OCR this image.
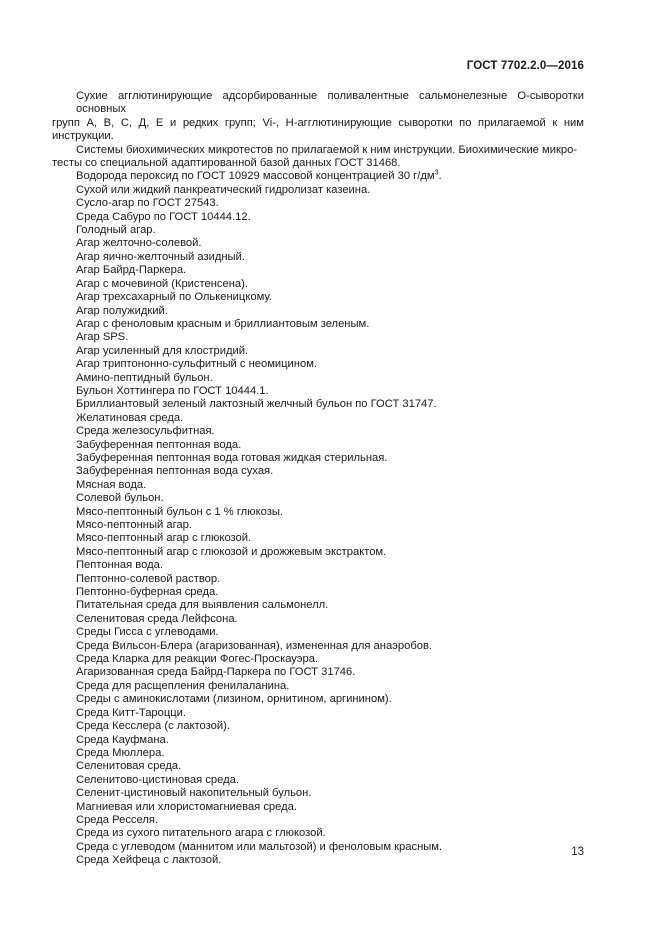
ГОСТ 7702.2.0—2016

Сухие агглютинирующие адсорбированные поливалентные сальмонелезные О-сыворотки основных

групп A, B, C, Д, E и редких групп; Vi-, H-агглютинирующие сыворотки по прилагаемой к ним инструкции.

Системы биохимических микротестов по прилагаемой к ним инструкции. Биохимические микро-

тесты со специальной адаптированной базой данных ГОСТ 31468.

Водорода пероксид по ГОСТ 10929 массовой концентрацией 30 $г/дм^3$.

Сухой или жидкий панкреатический гидролизат казеина.

Сусло-агар по ГОСТ 27543.

Среда Сабуро по ГОСТ 10444.12.

Голодный агар.

Агар желточно-солевой.

Агар яично-желточный азидный.

Агар Байрд-Паркера.

Агар с мочевиной (Кристенсена).

Агар трехсахарный по Олькеницкому.

Агар полужидкий.

Агар с феноловым красным и бриллиантовым зеленым.

Агар SPS.

Агар усиленный для клостридий.

Агар триптононно-сульфитный с неомицином.

Амино-пептидный бульон.

Бульон Хоттингера по ГОСТ 10444.1.

Бриллиантовый зеленый лактозный желчный бульон по ГОСТ 31747.

Желатиновая среда.

Среда железосульфитная.

Забуференная пептонная вода.

Забуференная пептонная вода готовая жидкая стерильная.

Забуференная пептонная вода сухая.

Мясная вода.

Солевой бульон.

Мясо-пептонный бульон с 1 % глюкозы.

Мясо-пептонный агар.

Мясо-пептонный агар с глюкозой.

Мясо-пептонный агар с глюкозой и дрожжевым экстрактом.

Пептонная вода.

Пептонно-солевой раствор.

Пептонно-буферная среда.

Питательная среда для выявления сальмонелл.

Селенитовая среда Лейфсона.

Среды Гисса с углеводами.

Среда Вильсон-Блера (агаризованная), измененная для анаэробов.

Среда Кларка для реакции Фогес-Проскауэра.

Агаризованная среда Байрд-Паркера по ГОСТ 31746.

Среда для расщепления фенилаланина.

Среды с аминокислотами (лизином, орнитином, аргинином).

Среда Китт-Тароцци.

Среда Кесслера (с лактозой).

Среда Кауфмана.

Среда Мюллера.

Селенитовая среда.

Селенитово-цистиновая среда.

Селенит-цистиновый накопительный бульон.

Магниевая или хлористомагниевая среда.

Среда Ресселя.

Среда из сухого питательного агара с глюкозой.

Среда с углеводом (маннитом или мальтозой) и феноловым красным.

Среда Хейфеца с лактозой.

13
